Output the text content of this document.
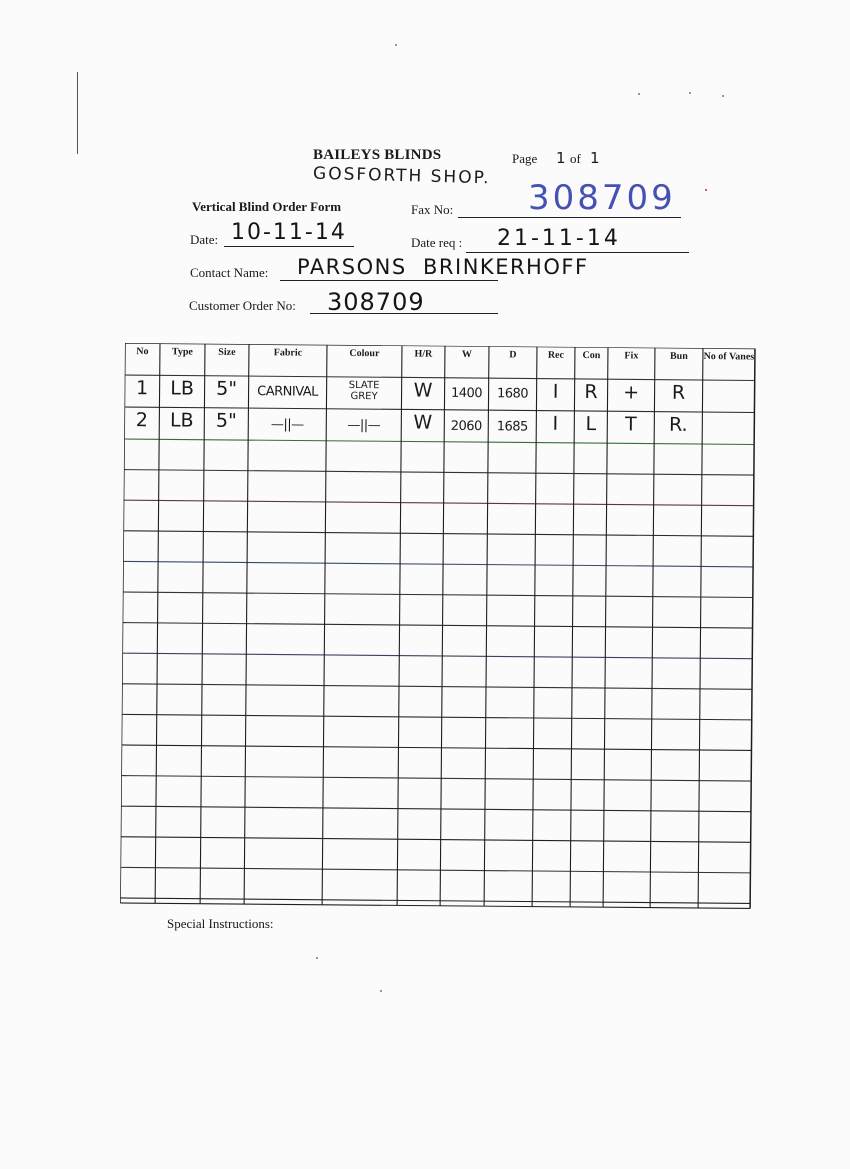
BAILEYS BLINDS	Page 1 of 1
GOSFORTH SHOP.
Vertical Blind Order Form	Fax No: 308709
Date: 10-11-14	Date req : 21-11-14
Contact Name: PARSONS  BRINKERHOFF
Customer Order No: 308709
No	Type	Size	Fabric	Colour	H/R	W	D	Rec	Con	Fix	Bun	No of Vanes
1	LB	5"	CARNIVAL	SLATE
GREY	W	1400	1680	I	R	+	R
2	LB	5"	—||—	—||—	W	2060	1685	I	L	T	R.
Special Instructions:
